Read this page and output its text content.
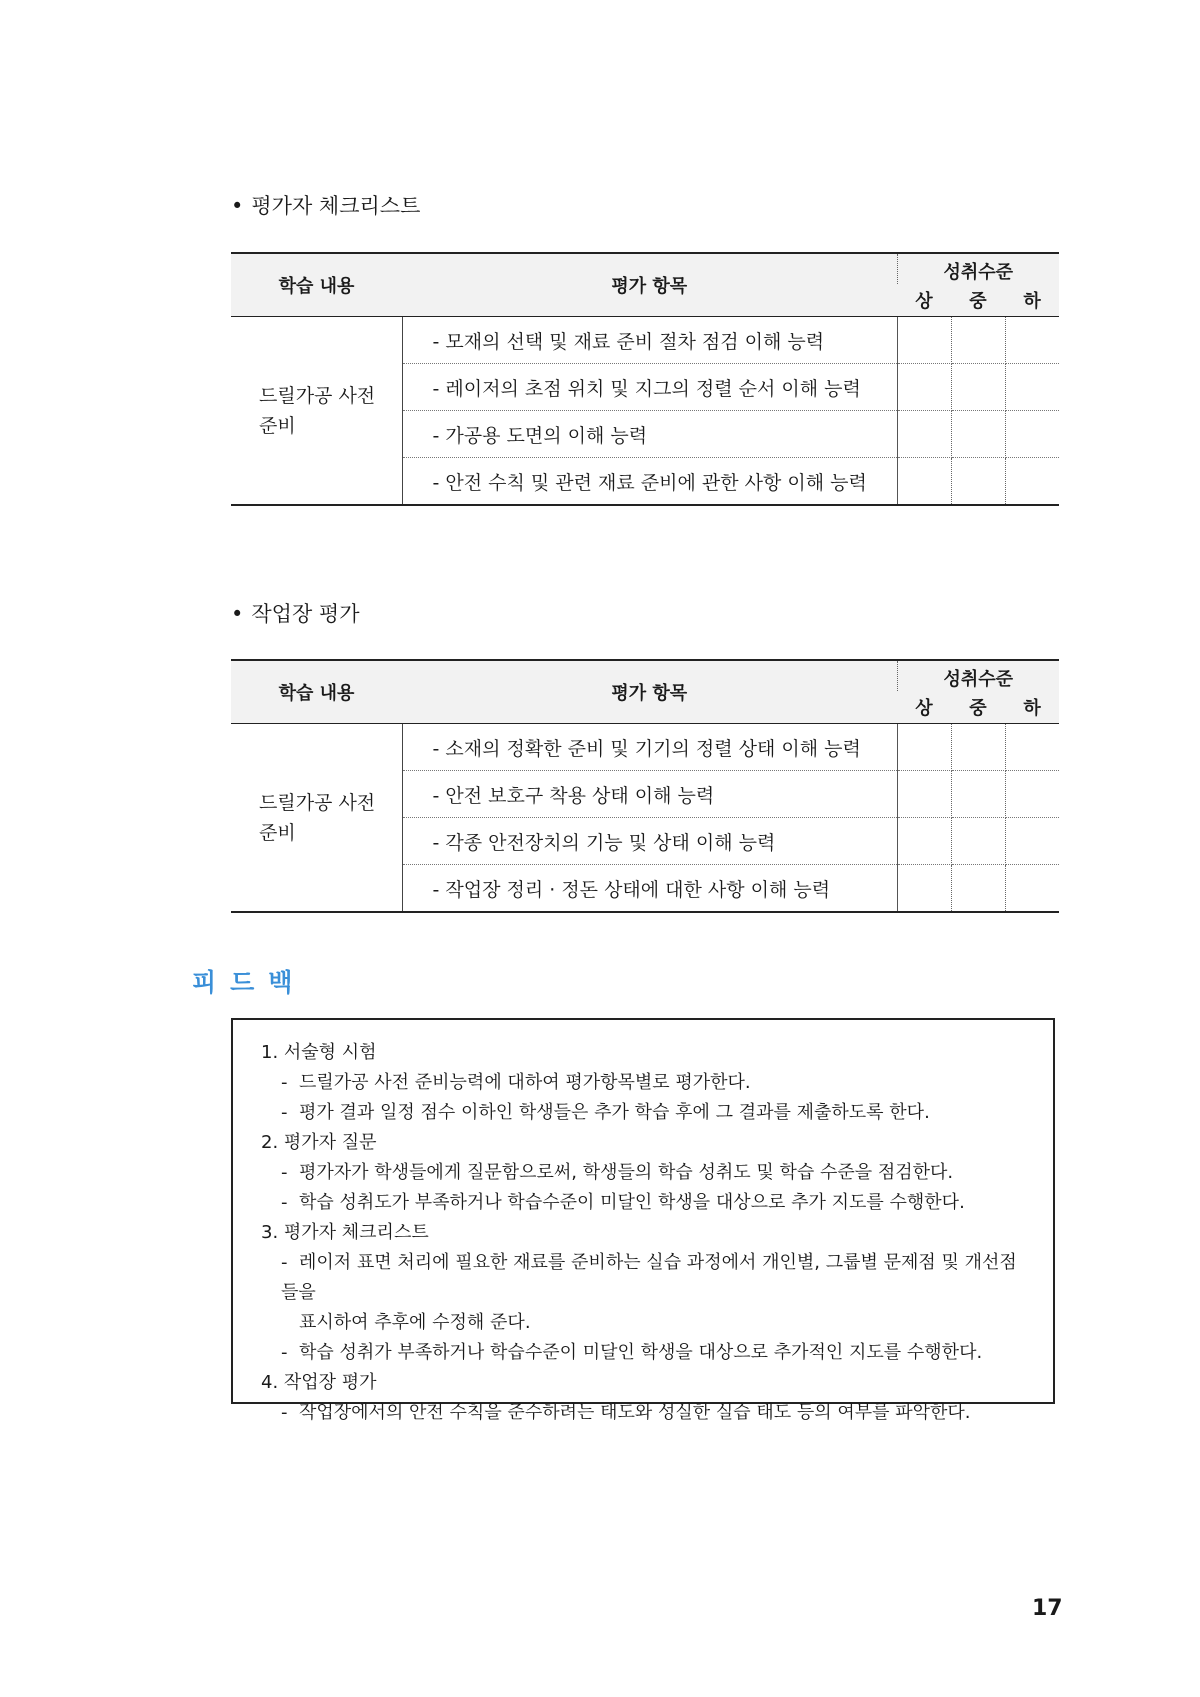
• 평가자 체크리스트
학습 내용	평가 항목	성취수준		
		상	중	하

드릴가공 사전
준비	- 모재의 선택 및 재료 준비 절차 점검 이해 능력			
	- 레이저의 초점 위치 및 지그의 정렬 순서 이해 능력			
	- 가공용 도면의 이해 능력			
	- 안전 수칙 및 관련 재료 준비에 관한 사항 이해 능력			
• 작업장 평가
학습 내용	평가 항목	성취수준		
		상	중	하

드릴가공 사전
준비	- 소재의 정확한 준비 및 기기의 정렬 상태 이해 능력			
	- 안전 보호구 착용 상태 이해 능력			
	- 각종 안전장치의 기능 및 상태 이해 능력			
	- 작업장 정리 · 정돈 상태에 대한 사항 이해 능력			
피드백

1. 서술형 시험

- 드릴가공 사전 준비능력에 대하여 평가항목별로 평가한다.

- 평가 결과 일정 점수 이하인 학생들은 추가 학습 후에 그 결과를 제출하도록 한다.

2. 평가자 질문

- 평가자가 학생들에게 질문함으로써, 학생들의 학습 성취도 및 학습 수준을 점검한다.

- 학습 성취도가 부족하거나 학습수준이 미달인 학생을 대상으로 추가 지도를 수행한다.

3. 평가자 체크리스트

- 레이저 표면 처리에 필요한 재료를 준비하는 실습 과정에서 개인별, 그룹별 문제점 및 개선점들을

표시하여 추후에 수정해 준다.

- 학습 성취가 부족하거나 학습수준이 미달인 학생을 대상으로 추가적인 지도를 수행한다.

4. 작업장 평가

- 작업장에서의 안전 수칙을 준수하려는 태도와 성실한 실습 태도 등의 여부를 파악한다.

17
